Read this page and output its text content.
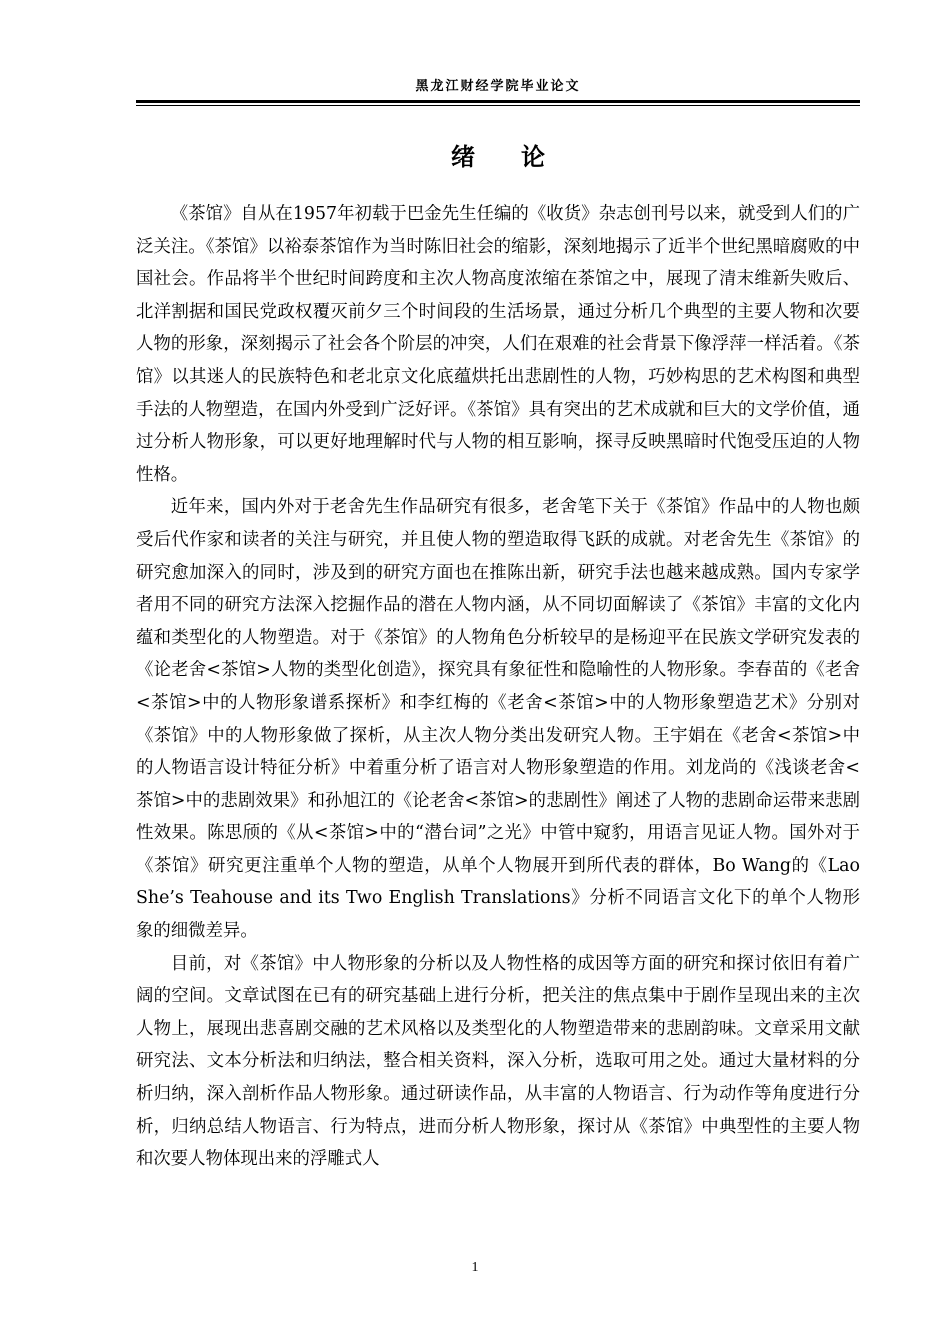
黑龙江财经学院毕业论文
绪论

《茶馆》自从在1957年初载于巴金先生任编的《收货》杂志创刊号以来，就受到人们的广泛关注。《茶馆》以裕泰茶馆作为当时陈旧社会的缩影，深刻地揭示了近半个世纪黑暗腐败的中国社会。作品将半个世纪时间跨度和主次人物高度浓缩在茶馆之中，展现了清末维新失败后、北洋割据和国民党政权覆灭前夕三个时间段的生活场景，通过分析几个典型的主要人物和次要人物的形象，深刻揭示了社会各个阶层的冲突，人们在艰难的社会背景下像浮萍一样活着。《茶馆》以其迷人的民族特色和老北京文化底蕴烘托出悲剧性的人物，巧妙构思的艺术构图和典型手法的人物塑造，在国内外受到广泛好评。《茶馆》具有突出的艺术成就和巨大的文学价值，通过分析人物形象，可以更好地理解时代与人物的相互影响，探寻反映黑暗时代饱受压迫的人物性格。

近年来，国内外对于老舍先生作品研究有很多，老舍笔下关于《茶馆》作品中的人物也颇受后代作家和读者的关注与研究，并且使人物的塑造取得飞跃的成就。对老舍先生《茶馆》的研究愈加深入的同时，涉及到的研究方面也在推陈出新，研究手法也越来越成熟。国内专家学者用不同的研究方法深入挖掘作品的潜在人物内涵，从不同切面解读了《茶馆》丰富的文化内蕴和类型化的人物塑造。对于《茶馆》的人物角色分析较早的是杨迎平在民族文学研究发表的《论老舍<茶馆>人物的类型化创造》，探究具有象征性和隐喻性的人物形象。李春苗的《老舍<茶馆>中的人物形象谱系探析》和李红梅的《老舍<茶馆>中的人物形象塑造艺术》分别对《茶馆》中的人物形象做了探析，从主次人物分类出发研究人物。王宇娟在《老舍<茶馆>中的人物语言设计特征分析》中着重分析了语言对人物形象塑造的作用。刘龙尚的《浅谈老舍<茶馆>中的悲剧效果》和孙旭江的《论老舍<茶馆>的悲剧性》阐述了人物的悲剧命运带来悲剧性效果。陈思颀的《从<茶馆>中的“潜台词”之光》中管中窥豹，用语言见证人物。国外对于《茶馆》研究更注重单个人物的塑造，从单个人物展开到所代表的群体，Bo Wang的《Lao She’s Teahouse and its Two English Translations》分析不同语言文化下的单个人物形象的细微差异。

目前，对《茶馆》中人物形象的分析以及人物性格的成因等方面的研究和探讨依旧有着广阔的空间。文章试图在已有的研究基础上进行分析，把关注的焦点集中于剧作呈现出来的主次人物上，展现出悲喜剧交融的艺术风格以及类型化的人物塑造带来的悲剧韵味。文章采用文献研究法、文本分析法和归纳法，整合相关资料，深入分析，选取可用之处。通过大量材料的分析归纳，深入剖析作品人物形象。通过研读作品，从丰富的人物语言、行为动作等角度进行分析，归纳总结人物语言、行为特点，进而分析人物形象，探讨从《茶馆》中典型性的主要人物和次要人物体现出来的浮雕式人

1
